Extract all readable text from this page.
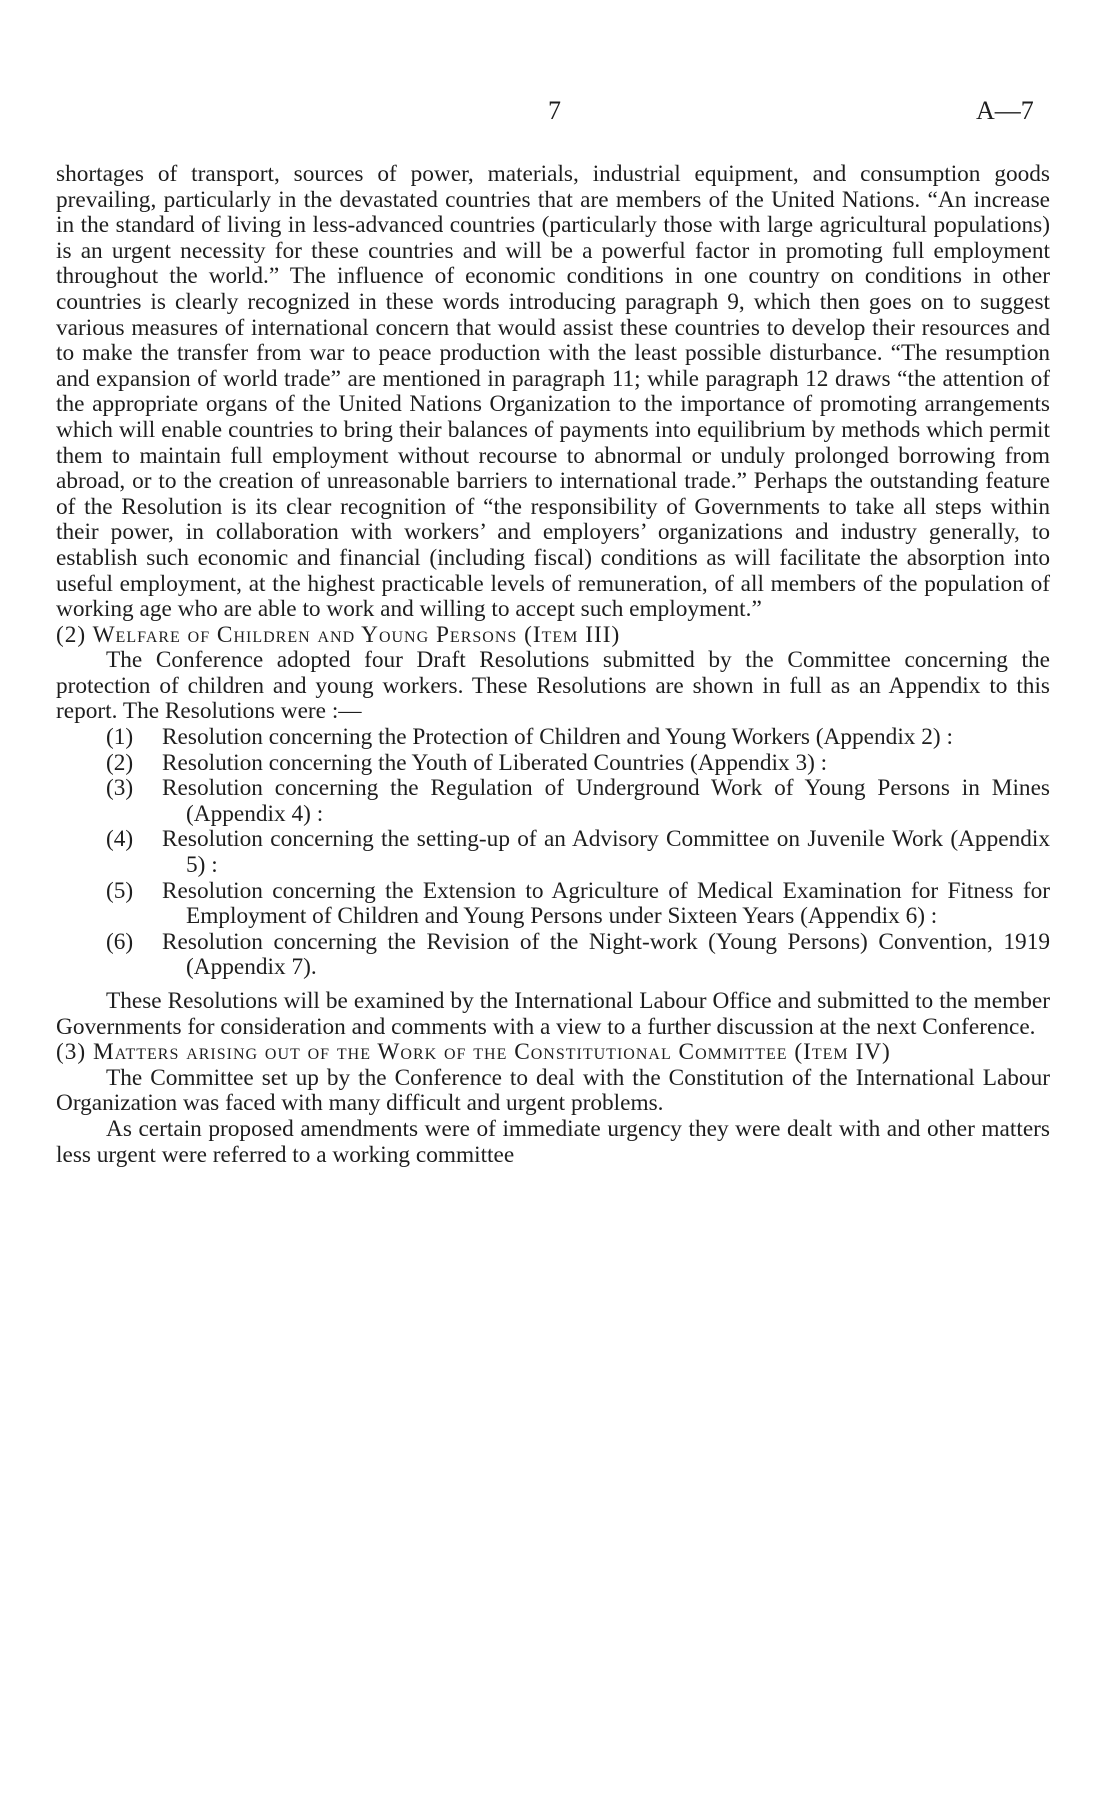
7	A—7

shortages of transport, sources of power, materials, industrial equipment, and consumption goods prevailing, particularly in the devastated countries that are members of the United Nations. “An increase in the standard of living in less-advanced countries (particularly those with large agricultural populations) is an urgent necessity for these countries and will be a powerful factor in promoting full employment throughout the world.” The influence of economic conditions in one country on conditions in other countries is clearly recognized in these words introducing paragraph 9, which then goes on to suggest various measures of international concern that would assist these countries to develop their resources and to make the transfer from war to peace production with the least possible disturbance. “The resumption and expansion of world trade” are mentioned in paragraph 11; while paragraph 12 draws “the attention of the appropriate organs of the United Nations Organization to the importance of promoting arrangements which will enable countries to bring their balances of payments into equilibrium by methods which permit them to maintain full employment without recourse to abnormal or unduly prolonged borrowing from abroad, or to the creation of unreasonable barriers to international trade.” Perhaps the outstanding feature of the Resolution is its clear recognition of “the responsibility of Governments to take all steps within their power, in collaboration with workers’ and employers’ organizations and industry generally, to establish such economic and financial (including fiscal) conditions as will facilitate the absorption into useful employment, at the highest practicable levels of remuneration, of all members of the population of working age who are able to work and willing to accept such employment.”

(2) Welfare of Children and Young Persons (Item III)

The Conference adopted four Draft Resolutions submitted by the Committee concerning the protection of children and young workers. These Resolutions are shown in full as an Appendix to this report. The Resolutions were :—

(1) Resolution concerning the Protection of Children and Young Workers (Appendix 2) :
(2) Resolution concerning the Youth of Liberated Countries (Appendix 3) :
(3) Resolution concerning the Regulation of Underground Work of Young Persons in Mines (Appendix 4) :
(4) Resolution concerning the setting-up of an Advisory Committee on Juvenile Work (Appendix 5) :
(5) Resolution concerning the Extension to Agriculture of Medical Examination for Fitness for Employment of Children and Young Persons under Sixteen Years (Appendix 6) :
(6) Resolution concerning the Revision of the Night-work (Young Persons) Convention, 1919 (Appendix 7).

These Resolutions will be examined by the International Labour Office and submitted to the member Governments for consideration and comments with a view to a further discussion at the next Conference.

(3) Matters arising out of the Work of the Constitutional Committee (Item IV)

The Committee set up by the Conference to deal with the Constitution of the International Labour Organization was faced with many difficult and urgent problems.

As certain proposed amendments were of immediate urgency they were dealt with and other matters less urgent were referred to a working committee
